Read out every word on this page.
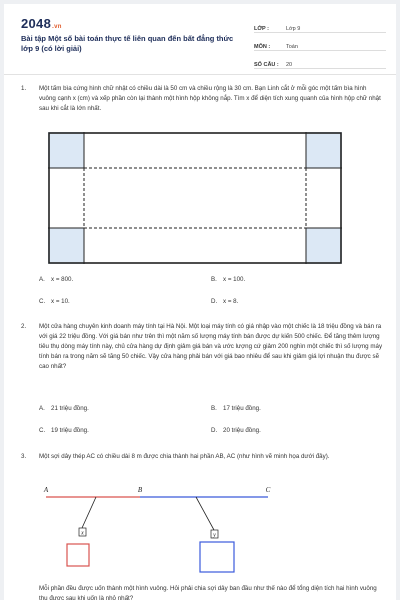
2048.vn
Bài tập Một số bài toán thực tế liên quan đến bất đẳng thức lớp 9 (có lời giải)
LỚP :	Lớp 9
MÔN :	Toán
SỐ CÂU :	20
1. Một tấm bìa cứng hình chữ nhật có chiều dài là 50 cm và chiều rộng là 30 cm. Bạn Linh cắt ở mỗi góc một tấm bìa hình vuông cạnh x (cm) và xếp phần còn lại thành một hình hộp không nắp. Tìm x để diện tích xung quanh của hình hộp chữ nhật sau khi cắt là lớn nhất.
A. x = 800.	B. x = 100.
C. x = 10.	D. x = 8.
2. Một cửa hàng chuyên kinh doanh máy tính tại Hà Nội. Một loại máy tính có giá nhập vào một chiếc là 18 triệu đồng và bán ra với giá 22 triệu đồng. Với giá bán như trên thì một năm số lượng máy tính bán được dự kiến 500 chiếc. Để tăng thêm lượng tiêu thụ dòng máy tính này, chủ cửa hàng dự định giảm giá bán và ước lượng cứ giảm 200 nghìn một chiếc thì số lượng máy tính bán ra trong năm sẽ tăng 50 chiếc. Vậy cửa hàng phải bán với giá bao nhiêu để sau khi giảm giá lợi nhuận thu được sẽ cao nhất?
A. 21 triệu đồng.	B. 17 triệu đồng.
C. 19 triệu đồng.	D. 20 triệu đồng.
3. Một sợi dây thép AC có chiều dài 8 m được chia thành hai phần AB, AC (như hình vẽ minh họa dưới đây).
A	B	C
x	y
Mỗi phần đều được uốn thành một hình vuông. Hỏi phải chia sợi dây ban đầu như thế nào để tổng diện tích hai hình vuông thu được sau khi uốn là nhỏ nhất?
